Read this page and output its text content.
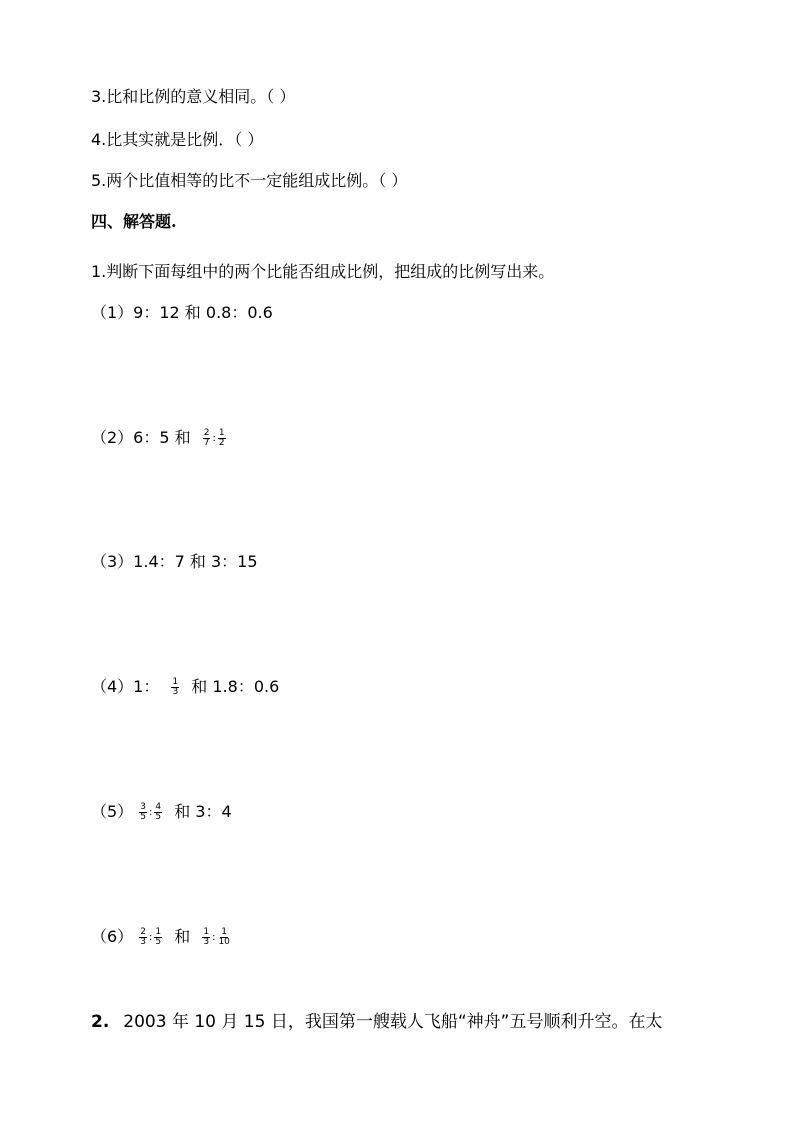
3.比和比例的意义相同。（ ）
4.比其实就是比例．（ ）
5.两个比值相等的比不一定能组成比例。（ ）
四、解答题.
1.判断下面每组中的两个比能否组成比例，把组成的比例写出来。
（1）9：12 和 0.8：0.6
（2）6：5 和 $\frac{2}{7}$ : $\frac{1}{2}$
（3）1.4：7 和 3：15
（4）1： $\frac{1}{3}$ 和 1.8：0.6
$(5) \frac{3}{5}$ : $\frac{4}{5}$ 和 3：4
$(6) \frac{2}{3}$ : $\frac{1}{5}$ 和 $\frac{1}{3}$ : $\frac{1}{10}$
2. 2003 年 10 月 15 日，我国第一艘载人飞船“神舟”五号顺利升空。在太
